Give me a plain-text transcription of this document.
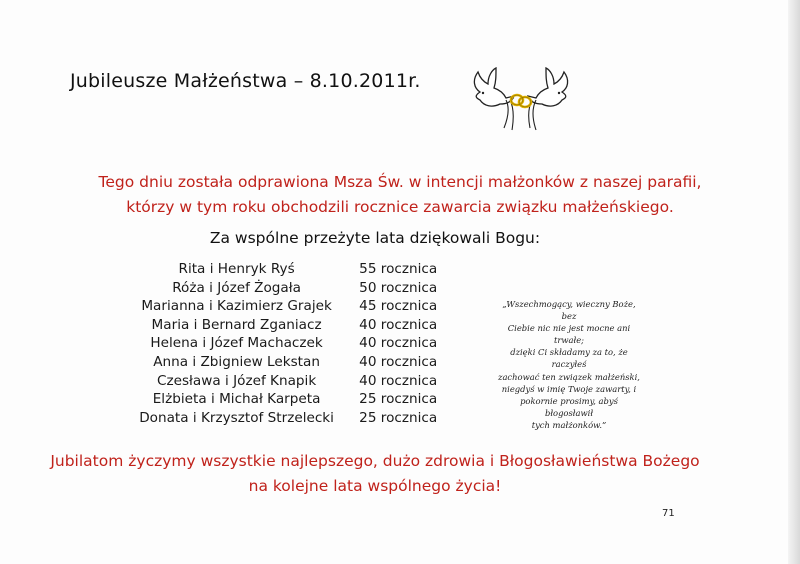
Jubileusze Małżeństwa – 8.10.2011r.
Tego dniu została odprawiona Msza Św. w intencji małżonków z naszej parafii,
którzy w tym roku obchodzili rocznice zawarcia związku małżeńskiego.
Za wspólne przeżyte lata dziękowali Bogu:
Rita i Henryk Ryś	55 rocznica
Róża i Józef Żogała	50 rocznica
Marianna i Kazimierz Grajek	45 rocznica
Maria i Bernard Zganiacz	40 rocznica
Helena i Józef Machaczek	40 rocznica
Anna i Zbigniew Lekstan	40 rocznica
Czesława i Józef Knapik	40 rocznica
Elżbieta i Michał Karpeta	25 rocznica
Donata i Krzysztof Strzelecki	25 rocznica
„Wszechmogący, wieczny Boże, bez
Ciebie nic nie jest mocne ani trwałe;
dzięki Ci składamy za to, że raczyłeś
zachować ten związek małżeński,
niegdyś w imię Twoje zawarty, i
pokornie prosimy, abyś błogosławił
tych małżonków.”
Jubilatom życzymy wszystkie najlepszego, dużo zdrowia i Błogosławieństwa Bożego
na kolejne lata wspólnego życia!
71
